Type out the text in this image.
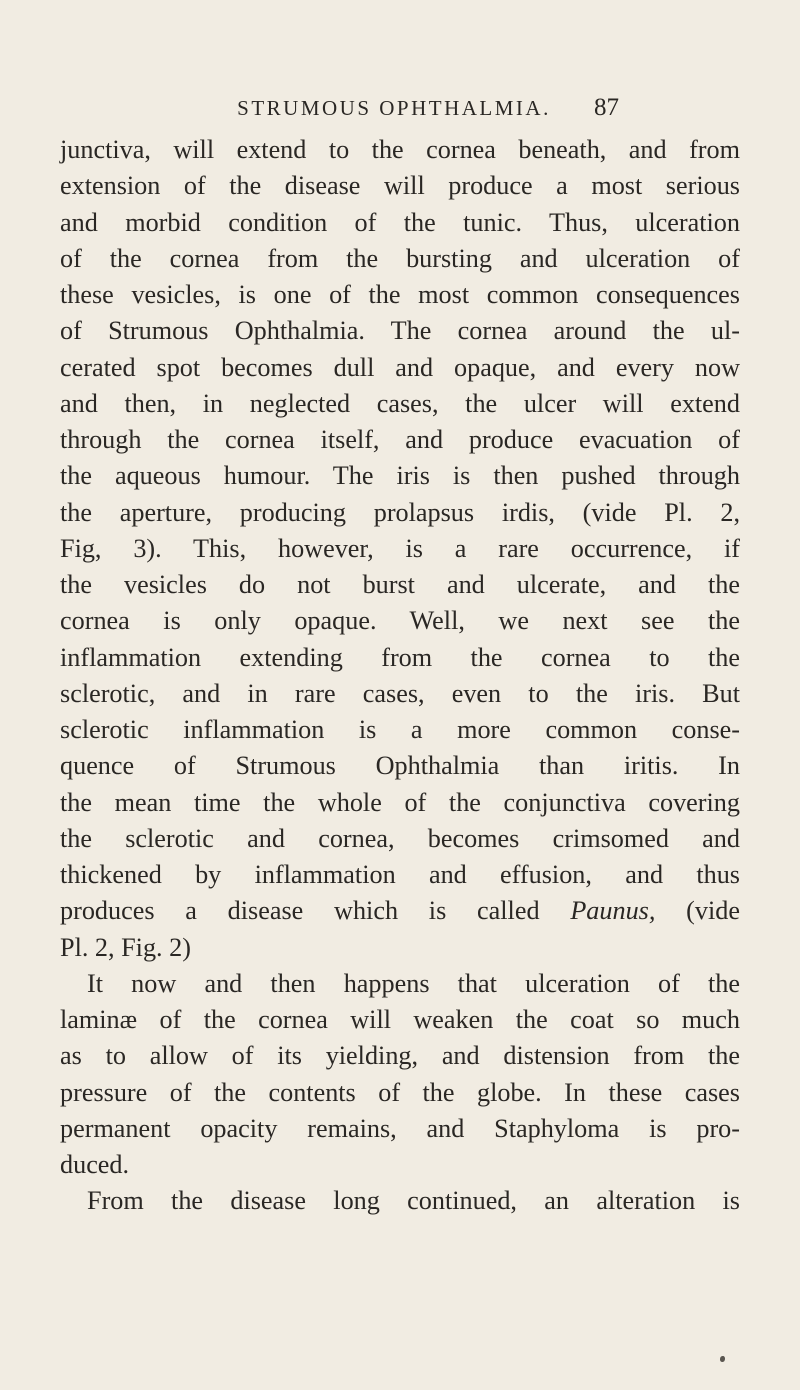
STRUMOUS OPHTHALMIA.	87
junctiva, will extend to the cornea beneath, and from
extension of the disease will produce a most serious
and morbid condition of the tunic. Thus, ulceration
of the cornea from the bursting and ulceration of
these vesicles, is one of the most common consequences
of Strumous Ophthalmia. The cornea around the ul-
cerated spot becomes dull and opaque, and every now
and then, in neglected cases, the ulcer will extend
through the cornea itself, and produce evacuation of
the aqueous humour. The iris is then pushed through
the aperture, producing prolapsus irdis, (vide Pl. 2,
Fig, 3). This, however, is a rare occurrence, if
the vesicles do not burst and ulcerate, and the
cornea is only opaque. Well, we next see the
inflammation extending from the cornea to the
sclerotic, and in rare cases, even to the iris. But
sclerotic inflammation is a more common conse-
quence of Strumous Ophthalmia than iritis. In
the mean time the whole of the conjunctiva covering
the sclerotic and cornea, becomes crimsomed and
thickened by inflammation and effusion, and thus
produces a disease which is called Paunus, (vide
Pl. 2, Fig. 2)
It now and then happens that ulceration of the
laminæ of the cornea will weaken the coat so much
as to allow of its yielding, and distension from the
pressure of the contents of the globe. In these cases
permanent opacity remains, and Staphyloma is pro-
duced.
From the disease long continued, an alteration is
